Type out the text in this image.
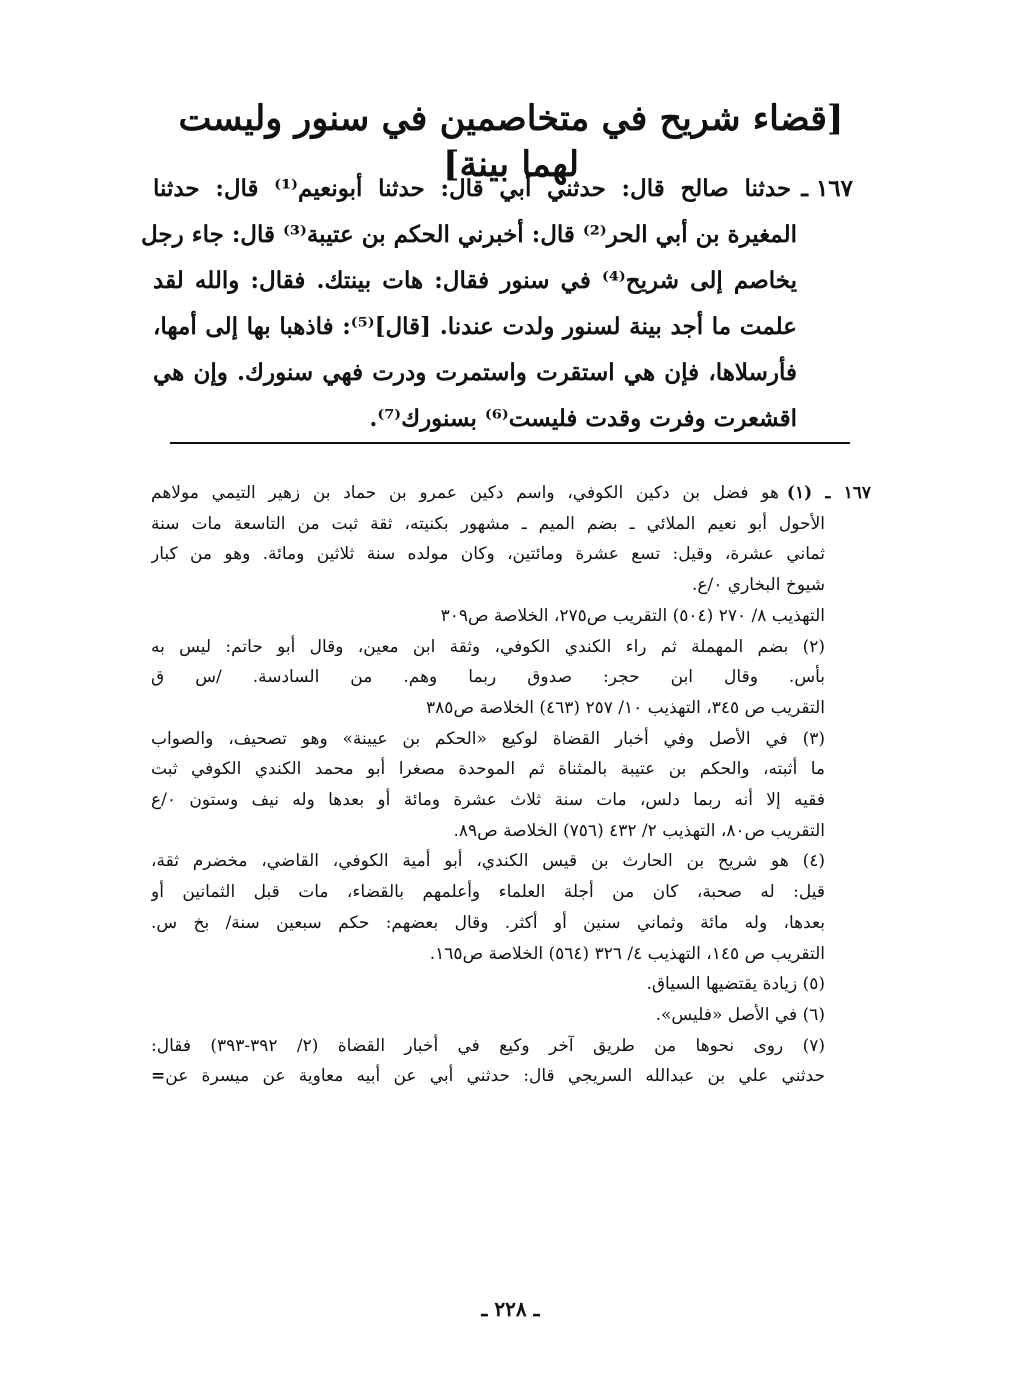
[قضاء شريح في متخاصمين في سنور وليست لهما بينة]

١٦٧ ـ
حدثنا صالح قال: حدثني أبي قال: حدثنا أبونعيم⁽¹⁾ قال: حدثنا

المغيرة بن أبي الحر⁽²⁾ قال: أخبرني الحكم بن عتيبة⁽³⁾ قال: جاء رجل

يخاصم إلى شريح⁽⁴⁾ في سنور فقال: هات بينتك. فقال: والله لقد

علمت ما أجد بينة لسنور ولدت عندنا. [قال]⁽⁵⁾: فاذهبا بها إلى أمها،

فأرسلاها، فإن هي استقرت واستمرت ودرت فهي سنورك. وإن هي

اقشعرت وفرت وقدت فليست⁽⁶⁾ بسنورك⁽⁷⁾.

١٦٧ ـ (١)هو فضل بن دكين الكوفي، واسم دكين عمرو بن حماد بن زهير التيمي مولاهم

الأحول أبو نعيم الملائي ـ بضم الميم ـ مشهور بكنيته، ثقة ثبت من التاسعة مات سنة

ثماني عشرة، وقيل: تسع عشرة ومائتين، وكان مولده سنة ثلاثين ومائة. وهو من كبار

شيوخ البخاري ٠/ع.

التهذيب ٨/ ٢٧٠ (٥٠٤) التقريب ص٢٧٥، الخلاصة ص٣٠٩

(٢) بضم المهملة ثم راء الكندي الكوفي، وثقة ابن معين، وقال أبو حاتم: ليس به

بأس. وقال ابن حجر: صدوق ربما وهم. من السادسة. /س ق

التقريب ص ٣٤٥، التهذيب ١٠/ ٢٥٧ (٤٦٣) الخلاصة ص٣٨٥

(٣) في الأصل وفي أخبار القضاة لوكيع «الحكم بن عيينة» وهو تصحيف، والصواب

ما أثبته، والحكم بن عتيبة بالمثناة ثم الموحدة مصغرا أبو محمد الكندي الكوفي ثبت

فقيه إلا أنه ربما دلس، مات سنة ثلاث عشرة ومائة أو بعدها وله نيف وستون ٠/ع

التقريب ص٨٠، التهذيب ٢/ ٤٣٢ (٧٥٦) الخلاصة ص٨٩.

(٤) هو شريح بن الحارث بن قيس الكندي، أبو أمية الكوفي، القاضي، مخضرم ثقة،

قيل: له صحبة، كان من أجلة العلماء وأعلمهم بالقضاء، مات قبل الثمانين أو

بعدها، وله مائة وثماني سنين أو أكثر. وقال بعضهم: حكم سبعين سنة/ بخ س.

التقريب ص ١٤٥، التهذيب ٤/ ٣٢٦ (٥٦٤) الخلاصة ص١٦٥.

(٥) زيادة يقتضيها السياق.

(٦) في الأصل «فليس».

(٧) روى نحوها من طريق آخر وكيع في أخبار القضاة (٢/ ٣٩٢-٣٩٣) فقال:

حدثني علي بن عبدالله السريجي قال: حدثني أبي عن أبيه معاوية عن ميسرة عن=

ـ ٢٢٨ ـ
